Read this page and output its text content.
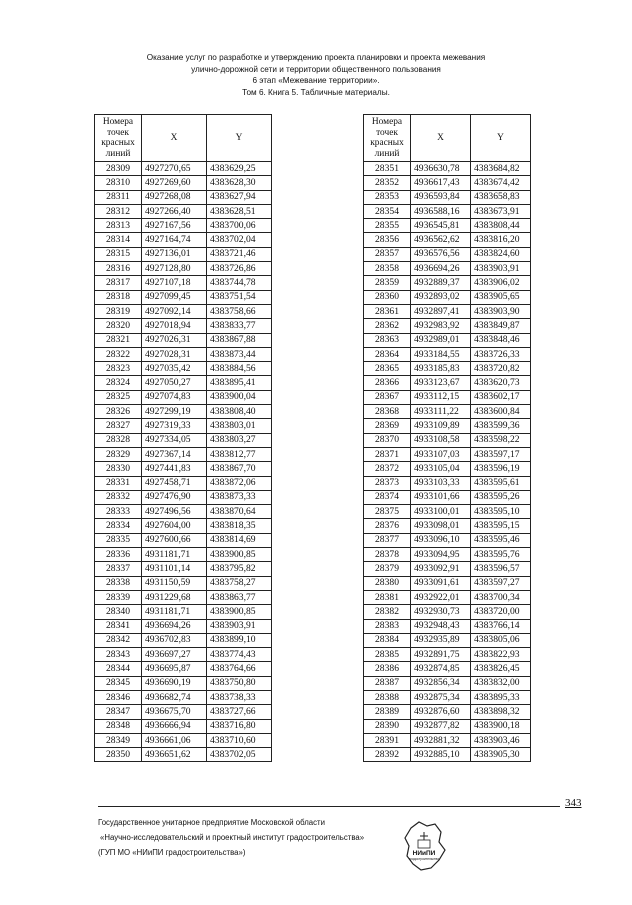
Оказание услуг по разработке и утверждению проекта планировки и проекта межевания
улично-дорожной сети и территории общественного пользования
6 этап «Межевание территории».
Том 6. Книга 5. Табличные материалы.
Номера
точек
красных
линий	X	Y
28309	4927270,65	4383629,25
28310	4927269,60	4383628,30
28311	4927268,08	4383627,94
28312	4927266,40	4383628,51
28313	4927167,56	4383700,06
28314	4927164,74	4383702,04
28315	4927136,01	4383721,46
28316	4927128,80	4383726,86
28317	4927107,18	4383744,78
28318	4927099,45	4383751,54
28319	4927092,14	4383758,66
28320	4927018,94	4383833,77
28321	4927026,31	4383867,88
28322	4927028,31	4383873,44
28323	4927035,42	4383884,56
28324	4927050,27	4383895,41
28325	4927074,83	4383900,04
28326	4927299,19	4383808,40
28327	4927319,33	4383803,01
28328	4927334,05	4383803,27
28329	4927367,14	4383812,77
28330	4927441,83	4383867,70
28331	4927458,71	4383872,06
28332	4927476,90	4383873,33
28333	4927496,56	4383870,64
28334	4927604,00	4383818,35
28335	4927600,66	4383814,69
28336	4931181,71	4383900,85
28337	4931101,14	4383795,82
28338	4931150,59	4383758,27
28339	4931229,68	4383863,77
28340	4931181,71	4383900,85
28341	4936694,26	4383903,91
28342	4936702,83	4383899,10
28343	4936697,27	4383774,43
28344	4936695,87	4383764,66
28345	4936690,19	4383750,80
28346	4936682,74	4383738,33
28347	4936675,70	4383727,66
28348	4936666,94	4383716,80
28349	4936661,06	4383710,60
28350	4936651,62	4383702,05
Номера
точек
красных
линий	X	Y
28351	4936630,78	4383684,82
28352	4936617,43	4383674,42
28353	4936593,84	4383658,83
28354	4936588,16	4383673,91
28355	4936545,81	4383808,44
28356	4936562,62	4383816,20
28357	4936576,56	4383824,60
28358	4936694,26	4383903,91
28359	4932889,37	4383906,02
28360	4932893,02	4383905,65
28361	4932897,41	4383903,90
28362	4932983,92	4383849,87
28363	4932989,01	4383848,46
28364	4933184,55	4383726,33
28365	4933185,83	4383720,82
28366	4933123,67	4383620,73
28367	4933112,15	4383602,17
28368	4933111,22	4383600,84
28369	4933109,89	4383599,36
28370	4933108,58	4383598,22
28371	4933107,03	4383597,17
28372	4933105,04	4383596,19
28373	4933103,33	4383595,61
28374	4933101,66	4383595,26
28375	4933100,01	4383595,10
28376	4933098,01	4383595,15
28377	4933096,10	4383595,46
28378	4933094,95	4383595,76
28379	4933092,91	4383596,57
28380	4933091,61	4383597,27
28381	4932922,01	4383700,34
28382	4932930,73	4383720,00
28383	4932948,43	4383766,14
28384	4932935,89	4383805,06
28385	4932891,75	4383822,93
28386	4932874,85	4383826,45
28387	4932856,34	4383832,00
28388	4932875,34	4383895,33
28389	4932876,60	4383898,32
28390	4932877,82	4383900,18
28391	4932881,32	4383903,46
28392	4932885,10	4383905,30
343
Государственное унитарное предприятие Московской области
«Научно-исследовательский и проектный институт градостроительства»
(ГУП МО «НИиПИ градостроительства»)	НИиПИ
градостроительства
